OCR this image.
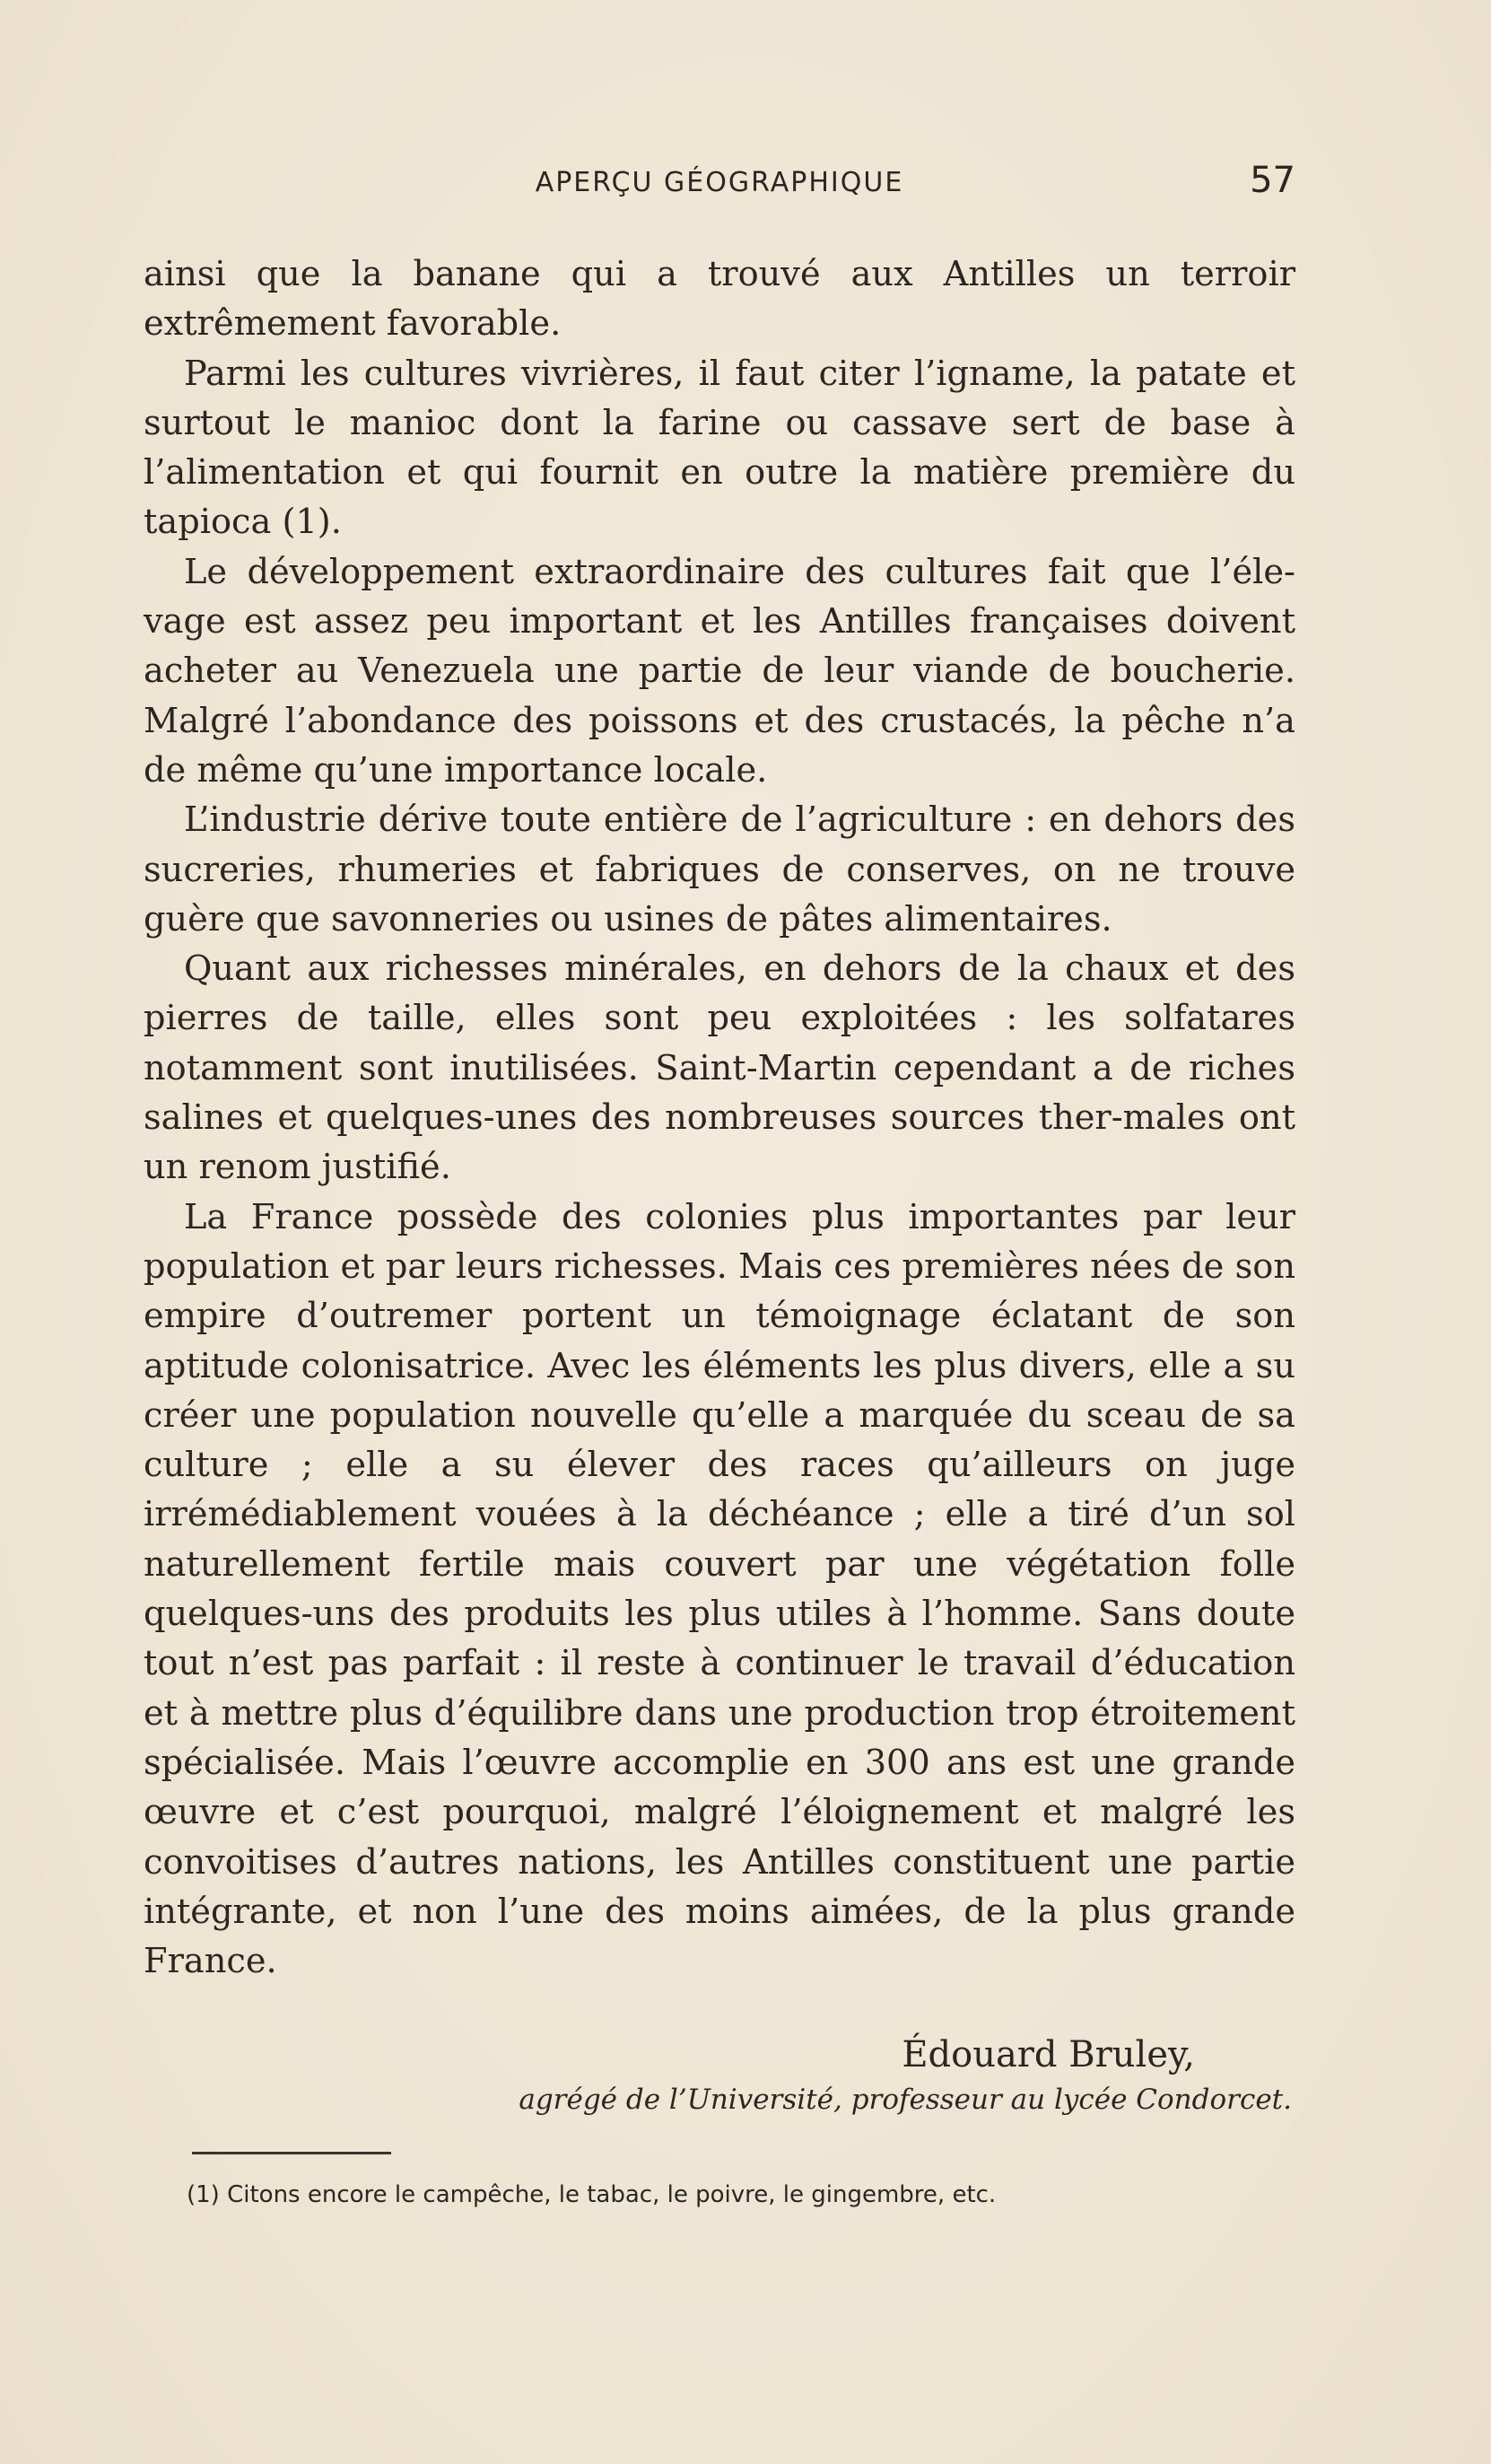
APERÇU GÉOGRAPHIQUE	57

ainsi que la banane qui a trouvé aux Antilles un terroir extrêmement favorable.

Parmi les cultures vivrières, il faut citer l’igname, la patate et surtout le manioc dont la farine ou cassave sert de base à l’alimentation et qui fournit en outre la matière première du tapioca (1).

Le développement extraordinaire des cultures fait que l’éle-vage est assez peu important et les Antilles françaises doivent acheter au Venezuela une partie de leur viande de boucherie. Malgré l’abondance des poissons et des crustacés, la pêche n’a de même qu’une importance locale.

L’industrie dérive toute entière de l’agriculture : en dehors des sucreries, rhumeries et fabriques de conserves, on ne trouve guère que savonneries ou usines de pâtes alimentaires.

Quant aux richesses minérales, en dehors de la chaux et des pierres de taille, elles sont peu exploitées : les solfatares notamment sont inutilisées. Saint-Martin cependant a de riches salines et quelques-unes des nombreuses sources ther-males ont un renom justifié.

La France possède des colonies plus importantes par leur population et par leurs richesses. Mais ces premières nées de son empire d’outremer portent un témoignage éclatant de son aptitude colonisatrice. Avec les éléments les plus divers, elle a su créer une population nouvelle qu’elle a marquée du sceau de sa culture ; elle a su élever des races qu’ailleurs on juge irrémédiablement vouées à la déchéance ; elle a tiré d’un sol naturellement fertile mais couvert par une végétation folle quelques-uns des produits les plus utiles à l’homme. Sans doute tout n’est pas parfait : il reste à continuer le travail d’éducation et à mettre plus d’équilibre dans une production trop étroitement spécialisée. Mais l’œuvre accomplie en 300 ans est une grande œuvre et c’est pourquoi, malgré l’éloignement et malgré les convoitises d’autres nations, les Antilles constituent une partie intégrante, et non l’une des moins aimées, de la plus grande France.

Édouard Bruley,
agrégé de l’Université, professeur au lycée Condorcet.
(1) Citons encore le campêche, le tabac, le poivre, le gingembre, etc.
